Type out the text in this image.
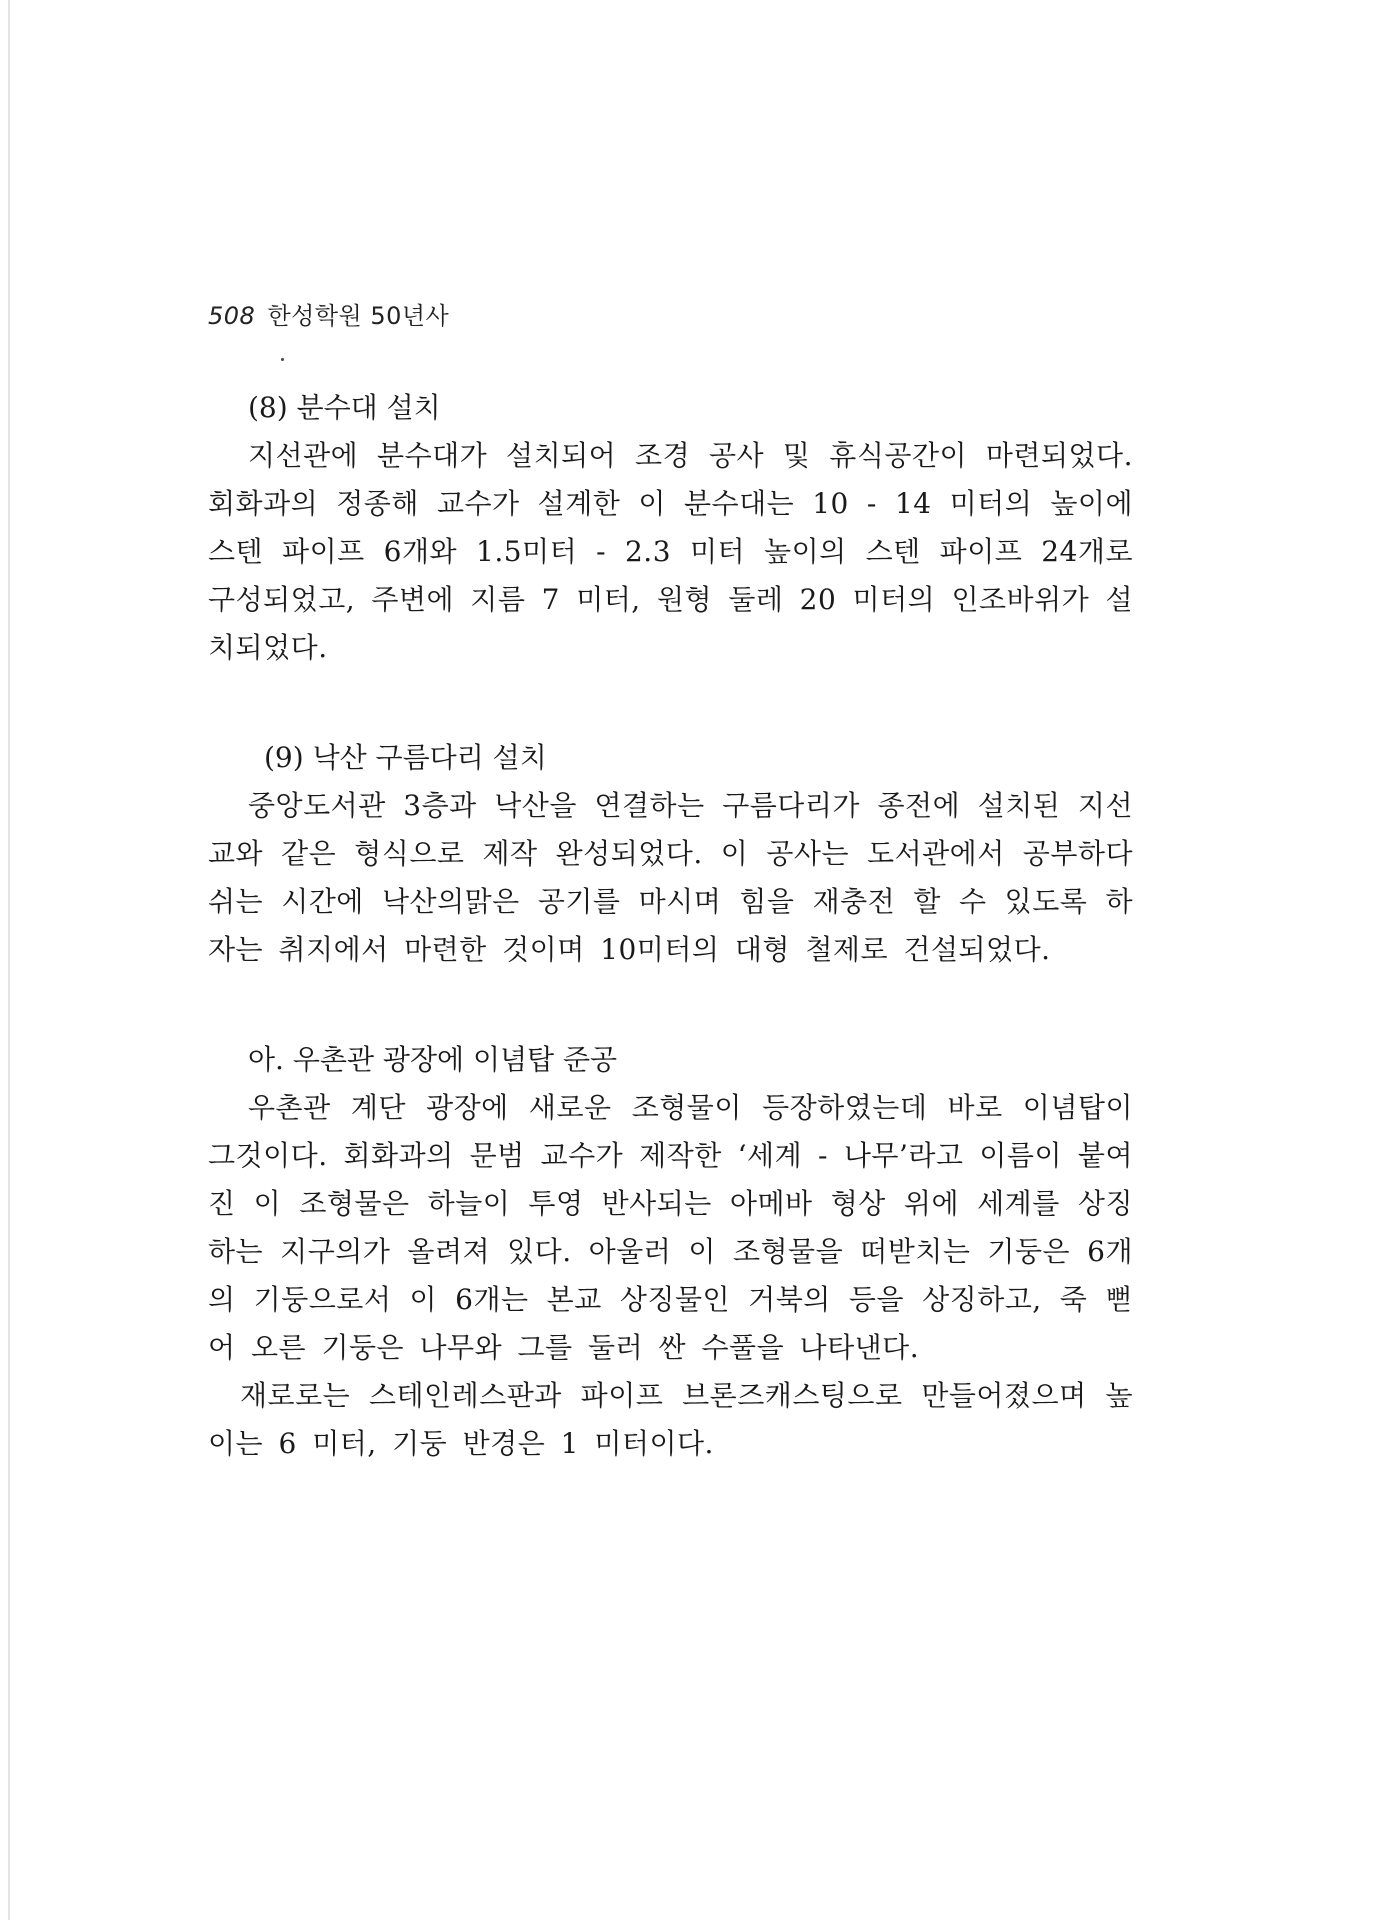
508 한성학원 50년사

(8) 분수대 설치

지선관에 분수대가 설치되어 조경 공사 및 휴식공간이 마련되었다. 회화과의 정종해 교수가 설계한 이 분수대는 10 - 14 미터의 높이에 스텐 파이프 6개와 1.5미터 - 2.3 미터 높이의 스텐 파이프 24개로 구성되었고, 주변에 지름 7 미터, 원형 둘레 20 미터의 인조바위가 설치되었다.

(9) 낙산 구름다리 설치

중앙도서관 3층과 낙산을 연결하는 구름다리가 종전에 설치된 지선교와 같은 형식으로 제작 완성되었다. 이 공사는 도서관에서 공부하다 쉬는 시간에 낙산의맑은 공기를 마시며 힘을 재충전 할 수 있도록 하자는 취지에서 마련한 것이며 10미터의 대형 철제로 건설되었다.

아. 우촌관 광장에 이념탑 준공

우촌관 계단 광장에 새로운 조형물이 등장하였는데 바로 이념탑이 그것이다. 회화과의 문범 교수가 제작한 ‘세계 - 나무’라고 이름이 붙여진 이 조형물은 하늘이 투영 반사되는 아메바 형상 위에 세계를 상징하는 지구의가 올려져 있다. 아울러 이 조형물을 떠받치는 기둥은 6개의 기둥으로서 이 6개는 본교 상징물인 거북의 등을 상징하고, 죽 뻗어 오른 기둥은 나무와 그를 둘러 싼 수풀을 나타낸다.

재로로는 스테인레스판과 파이프 브론즈캐스팅으로 만들어졌으며 높이는 6 미터, 기둥 반경은 1 미터이다.
